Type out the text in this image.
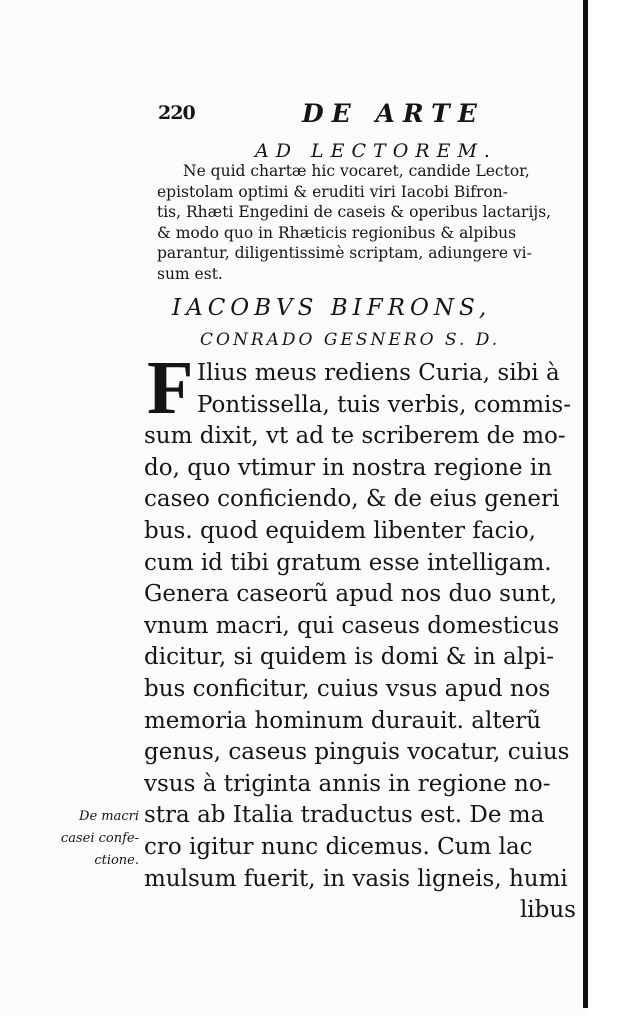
220	DE ARTE
AD LECTOREM.
Ne quid chartæ hic vocaret, candide Lector,
epistolam optimi & eruditi viri Iacobi Bifron-
tis, Rhæti Engedini de caseis & operibus lactarijs,
& modo quo in Rhæticis regionibus & alpibus
parantur, diligentissimè scriptam, adiungere vi-
sum est.
IACOBVS BIFRONS,
CONRADO GESNERO S. D.
F Ilius meus rediens Curia, sibi à
Pontissella, tuis verbis, commis-
sum dixit, vt ad te scriberem de mo-
do, quo vtimur in nostra regione in
caseo conficiendo, & de eius generi
bus. quod equidem libenter facio,
cum id tibi gratum esse intelligam.
Genera caseorũ apud nos duo sunt,
vnum macri, qui caseus domesticus
dicitur, si quidem is domi & in alpi-
bus conficitur, cuius vsus apud nos
memoria hominum durauit. alterũ
genus, caseus pinguis vocatur, cuius
vsus à triginta annis in regione no-
stra ab Italia traductus est. De ma
cro igitur nunc dicemus. Cum lac
mulsum fuerit, in vasis ligneis, humi
libus
De macri
casei confe-
ctione.
